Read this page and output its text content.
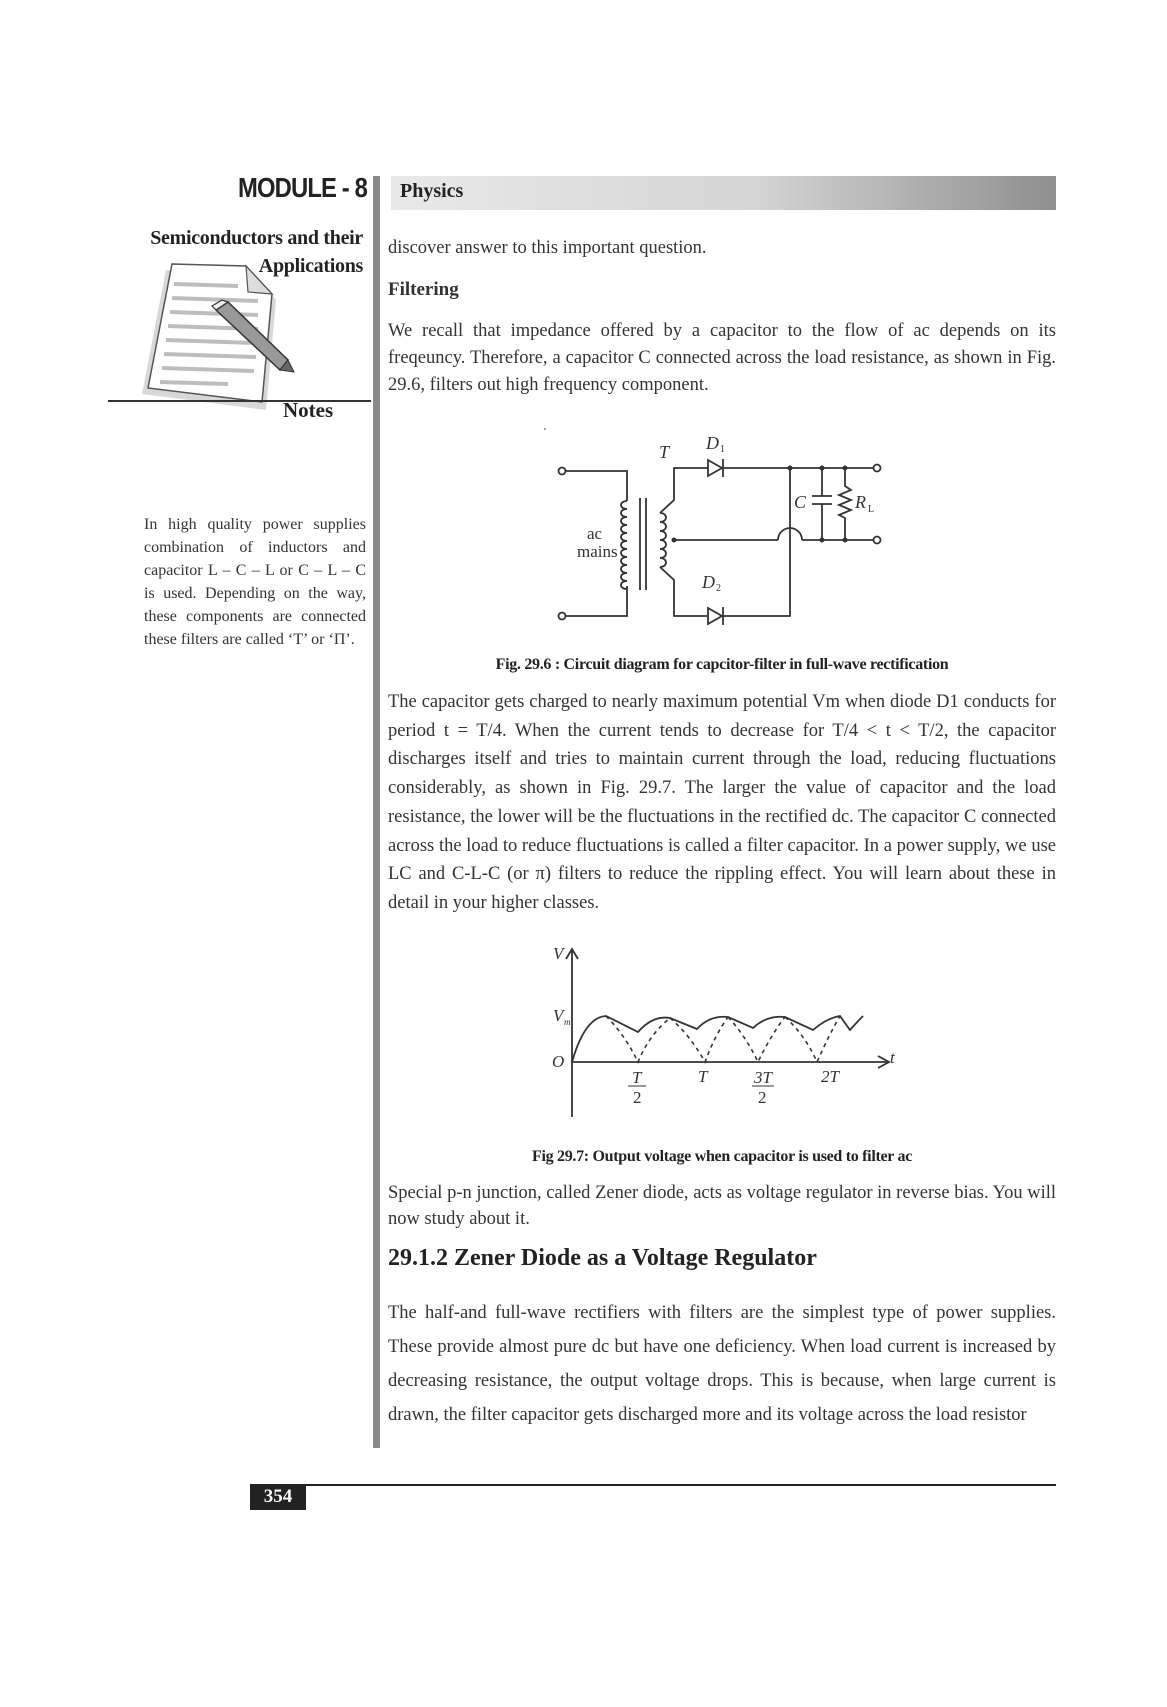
MODULE - 8 Physics
Semiconductors and their Applications
Notes
In high quality power supplies combination of inductors and capacitor L – C – L or C – L – C is used. Depending on the way, these components are connected these filters are called ‘T’ or ‘Π’.
discover answer to this important question.
Filtering
We recall that impedance offered by a capacitor to the flow of ac depends on its freqeuncy. Therefore, a capacitor C connected across the load resistance, as shown in Fig. 29.6, filters out high frequency component.
T D 1
D 2
C	R L
ac
mains
Fig. 29.6 : Circuit diagram for capcitor-filter in full-wave rectification
The capacitor gets charged to nearly maximum potential Vm when diode D1 conducts for period t = T/4. When the current tends to decrease for T/4 < t < T/2, the capacitor discharges itself and tries to maintain current through the load, reducing fluctuations considerably, as shown in Fig. 29.7. The larger the value of capacitor and the load resistance, the lower will be the fluctuations in the rectified dc. The capacitor C connected across the load to reduce fluctuations is called a filter capacitor. In a power supply, we use LC and C-L-C (or π) filters to reduce the rippling effect. You will learn about these in detail in your higher classes.
V
V m
O	t
T
2
T	3T
2
2T
Fig 29.7: Output voltage when capacitor is used to filter ac
Special p-n junction, called Zener diode, acts as voltage regulator in reverse bias. You will now study about it.
29.1.2 Zener Diode as a Voltage Regulator
The half-and full-wave rectifiers with filters are the simplest type of power supplies. These provide almost pure dc but have one deficiency. When load current is increased by decreasing resistance, the output voltage drops. This is because, when large current is drawn, the filter capacitor gets discharged more and its voltage across the load resistor
354
